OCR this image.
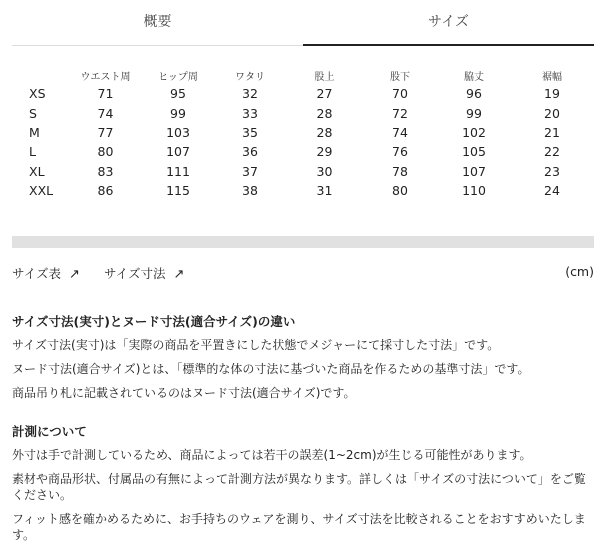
概要	サイズ
	ウエスト周	ヒップ周	ワタリ	股上	股下	脇丈	裾幅
XS	71	95	32	27	70	96	19
S	74	99	33	28	72	99	20
M	77	103	35	28	74	102	21
L	80	107	36	29	76	105	22
XL	83	111	37	30	78	107	23
XXL	86	115	38	31	80	110	24
サイズ表 ↗ サイズ寸法 ↗	(cm)
サイズ寸法(実寸)とヌード寸法(適合サイズ)の違い
サイズ寸法(実寸)は「実際の商品を平置きにした状態でメジャーにて採寸した寸法」です。
ヌード寸法(適合サイズ)とは、「標準的な体の寸法に基づいた商品を作るための基準寸法」です。
商品吊り札に記載されているのはヌード寸法(適合サイズ)です。
計測について
外寸は手で計測しているため、商品によっては若干の誤差(1~2cm)が生じる可能性があります。
素材や商品形状、付属品の有無によって計測方法が異なります。詳しくは「サイズの寸法について」をご覧ください。
フィット感を確かめるために、お手持ちのウェアを測り、サイズ寸法を比較されることをおすすめいたします。
